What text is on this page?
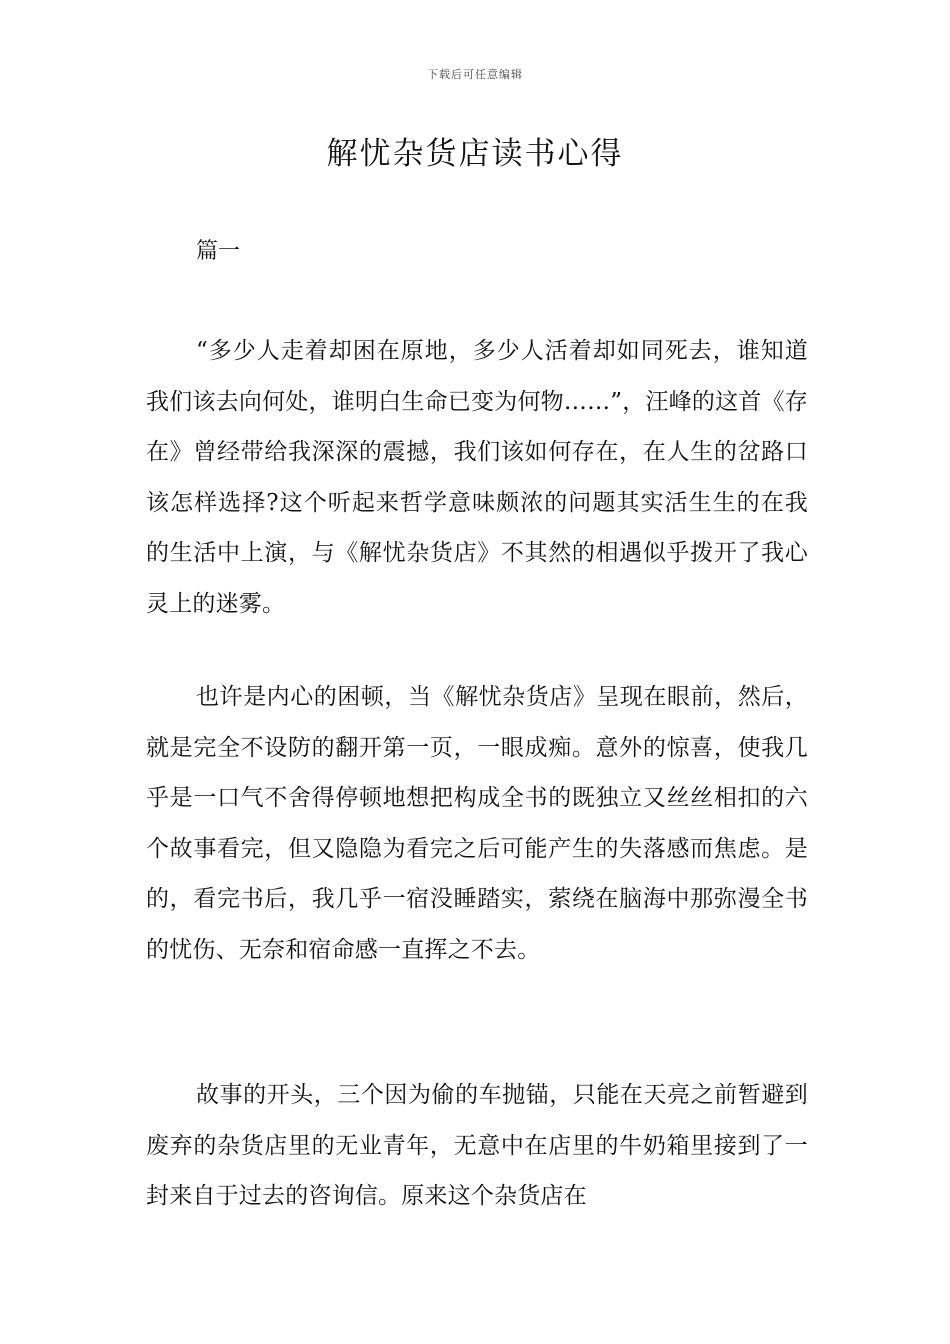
下载后可任意编辑
解忧杂货店读书心得
篇一

“多少人走着却困在原地，多少人活着却如同死去，谁知道我们该去向何处，谁明白生命已变为何物……”，汪峰的这首《存在》曾经带给我深深的震撼，我们该如何存在，在人生的岔路口该怎样选择?这个听起来哲学意味颇浓的问题其实活生生的在我的生活中上演，与《解忧杂货店》不其然的相遇似乎拨开了我心灵上的迷雾。

也许是内心的困顿，当《解忧杂货店》呈现在眼前，然后，就是完全不设防的翻开第一页，一眼成痴。意外的惊喜，使我几乎是一口气不舍得停顿地想把构成全书的既独立又丝丝相扣的六个故事看完，但又隐隐为看完之后可能产生的失落感而焦虑。是的，看完书后，我几乎一宿没睡踏实，萦绕在脑海中那弥漫全书的忧伤、无奈和宿命感一直挥之不去。

故事的开头，三个因为偷的车抛锚，只能在天亮之前暂避到废弃的杂货店里的无业青年，无意中在店里的牛奶箱里接到了一封来自于过去的咨询信。原来这个杂货店在
